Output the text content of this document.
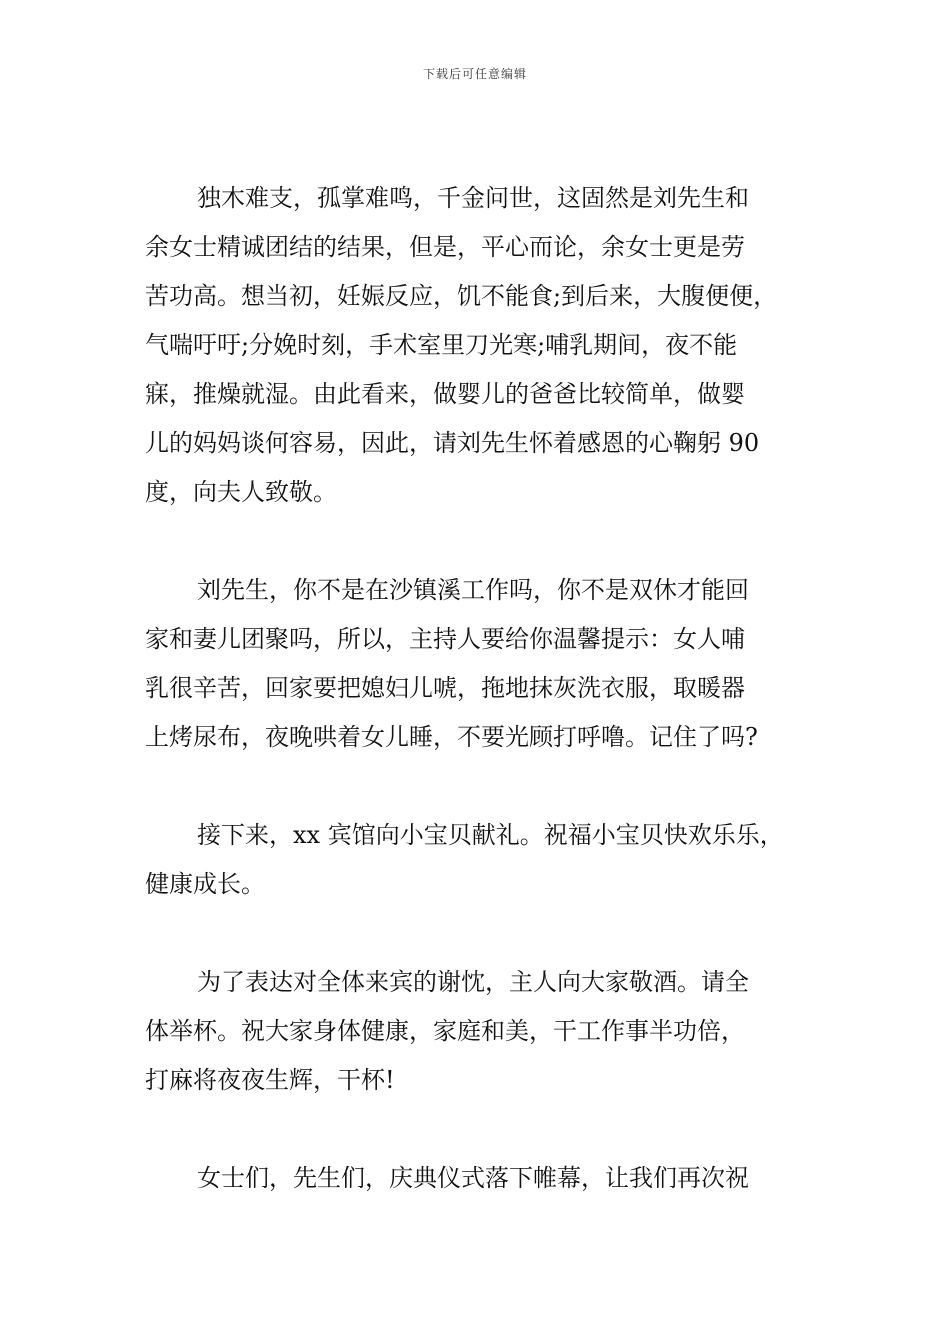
下载后可任意编辑

独木难支，孤掌难鸣，千金问世，这固然是刘先生和
余女士精诚团结的结果，但是，平心而论，余女士更是劳
苦功高。想当初，妊娠反应，饥不能食;到后来，大腹便便，
气喘吁吁;分娩时刻，手术室里刀光寒;哺乳期间，夜不能
寐，推燥就湿。由此看来，做婴儿的爸爸比较简单，做婴
儿的妈妈谈何容易，因此，请刘先生怀着感恩的心鞠躬 90
度，向夫人致敬。

刘先生，你不是在沙镇溪工作吗，你不是双休才能回
家和妻儿团聚吗，所以，主持人要给你温馨提示：女人哺
乳很辛苦，回家要把媳妇儿唬，拖地抹灰洗衣服，取暖器
上烤尿布，夜晚哄着女儿睡，不要光顾打呼噜。记住了吗?

接下来，xx 宾馆向小宝贝献礼。祝福小宝贝快欢乐乐，
健康成长。

为了表达对全体来宾的谢忱，主人向大家敬酒。请全
体举杯。祝大家身体健康，家庭和美，干工作事半功倍，
打麻将夜夜生辉，干杯!

女士们，先生们，庆典仪式落下帷幕，让我们再次祝
